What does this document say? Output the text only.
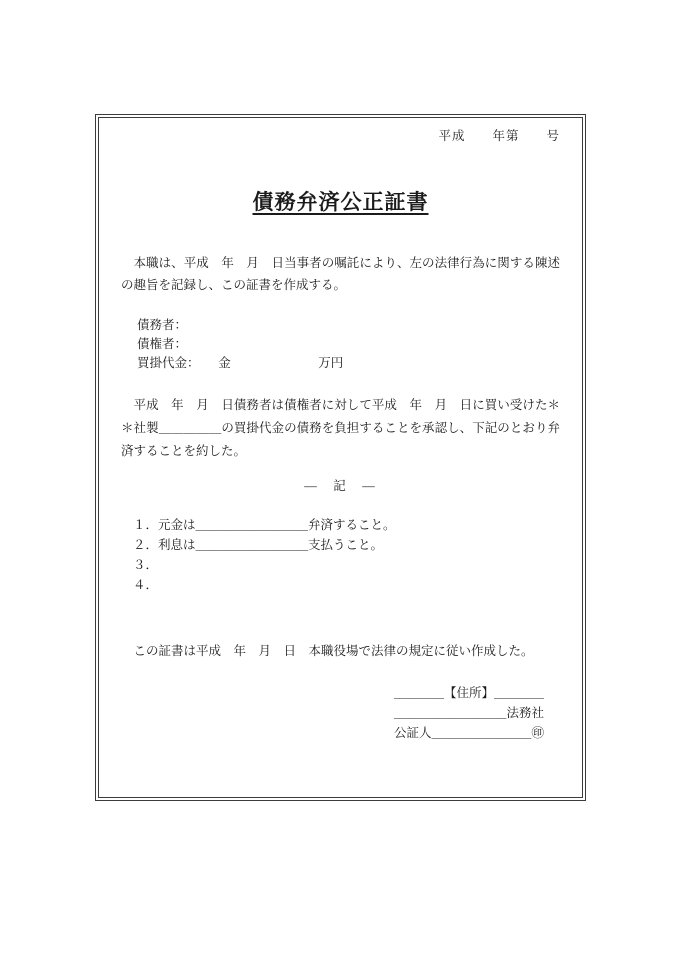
平成　　年第　　号
債務弁済公正証書

　本職は、平成　年　月　日当事者の嘱託により、左の法律行為に関する陳述の趣旨を記録し、この証書を作成する。

債務者：
債権者：
買掛代金：　　金　　　　　　　万円

　平成　年　月　日債務者は債権者に対して平成　年　月　日に買い受けた＊＊社製＿＿＿＿＿の買掛代金の債務を負担することを承認し、下記のとおり弁済することを約した。

―　記　―
１．元金は＿＿＿＿＿＿＿＿＿弁済すること。
２．利息は＿＿＿＿＿＿＿＿＿支払うこと。
３．
４．

　この証書は平成　年　月　日　本職役場で法律の規定に従い作成した。

＿＿＿＿【住所】＿＿＿＿
＿＿＿＿＿＿＿＿＿法務社
公証人＿＿＿＿＿＿＿＿㊞
